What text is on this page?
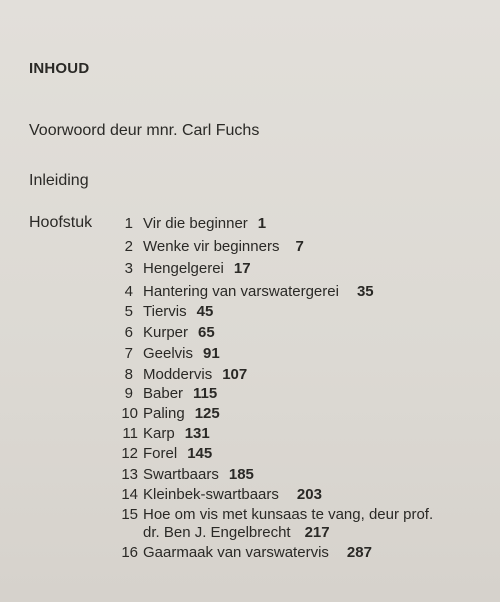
INHOUD
Voorwoord deur mnr. Carl Fuchs
Inleiding
Hoofstuk	1 Vir die beginner 1
2 Wenke vir beginners 7
3 Hengelgerei 17
4 Hantering van varswatergerei 35
5 Tiervis 45
6 Kurper 65
7 Geelvis 91
8 Moddervis 107
9 Baber 115
10 Paling 125
11 Karp 131
12 Forel 145
13 Swartbaars 185
14 Kleinbek-swartbaars 203
15 Hoe om vis met kunsaas te vang, deur prof.
dr. Ben J. Engelbrecht 217
16 Gaarmaak van varswatervis 287
